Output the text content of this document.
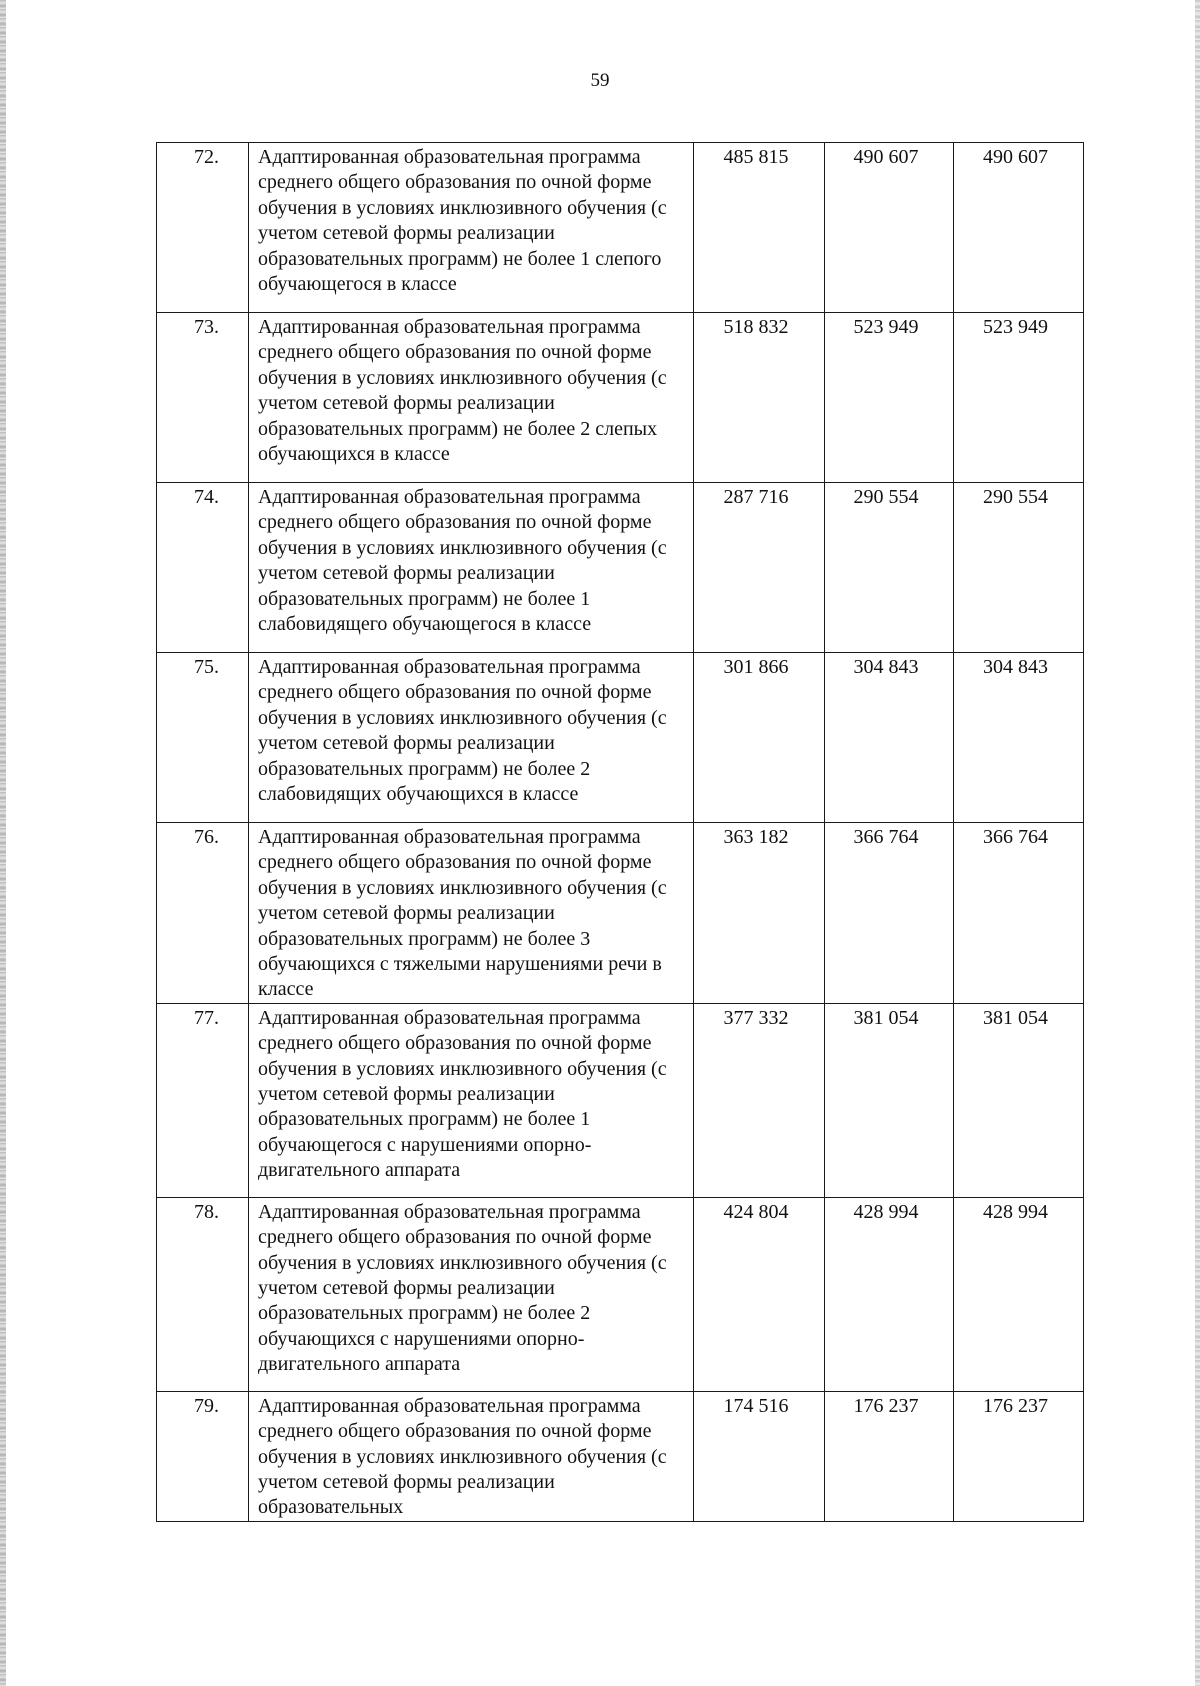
59
72.	Адаптированная образовательная программа среднего общего образования по очной форме обучения в условиях инклюзивного обучения (с учетом сетевой формы реализации образовательных программ) не более 1 слепого обучающегося в классе	485 815	490 607	490 607
73.	Адаптированная образовательная программа среднего общего образования по очной форме обучения в условиях инклюзивного обучения (с учетом сетевой формы реализации образовательных программ) не более 2 слепых обучающихся в классе	518 832	523 949	523 949
74.	Адаптированная образовательная программа среднего общего образования по очной форме обучения в условиях инклюзивного обучения (с учетом сетевой формы реализации образовательных программ) не более 1 слабовидящего обучающегося в классе	287 716	290 554	290 554
75.	Адаптированная образовательная программа среднего общего образования по очной форме обучения в условиях инклюзивного обучения (с учетом сетевой формы реализации образовательных программ) не более 2 слабовидящих обучающихся в классе	301 866	304 843	304 843
76.	Адаптированная образовательная программа среднего общего образования по очной форме обучения в условиях инклюзивного обучения (с учетом сетевой формы реализации образовательных программ) не более 3 обучающихся с тяжелыми нарушениями речи в классе	363 182	366 764	366 764
77.	Адаптированная образовательная программа среднего общего образования по очной форме обучения в условиях инклюзивного обучения (с учетом сетевой формы реализации образовательных программ) не более 1 обучающегося с нарушениями опорно-двигательного аппарата	377 332	381 054	381 054
78.	Адаптированная образовательная программа среднего общего образования по очной форме обучения в условиях инклюзивного обучения (с учетом сетевой формы реализации образовательных программ) не более 2 обучающихся с нарушениями опорно-двигательного аппарата	424 804	428 994	428 994
79.	Адаптированная образовательная программа среднего общего образования по очной форме обучения в условиях инклюзивного обучения (с учетом сетевой формы реализации образовательных	174 516	176 237	176 237
